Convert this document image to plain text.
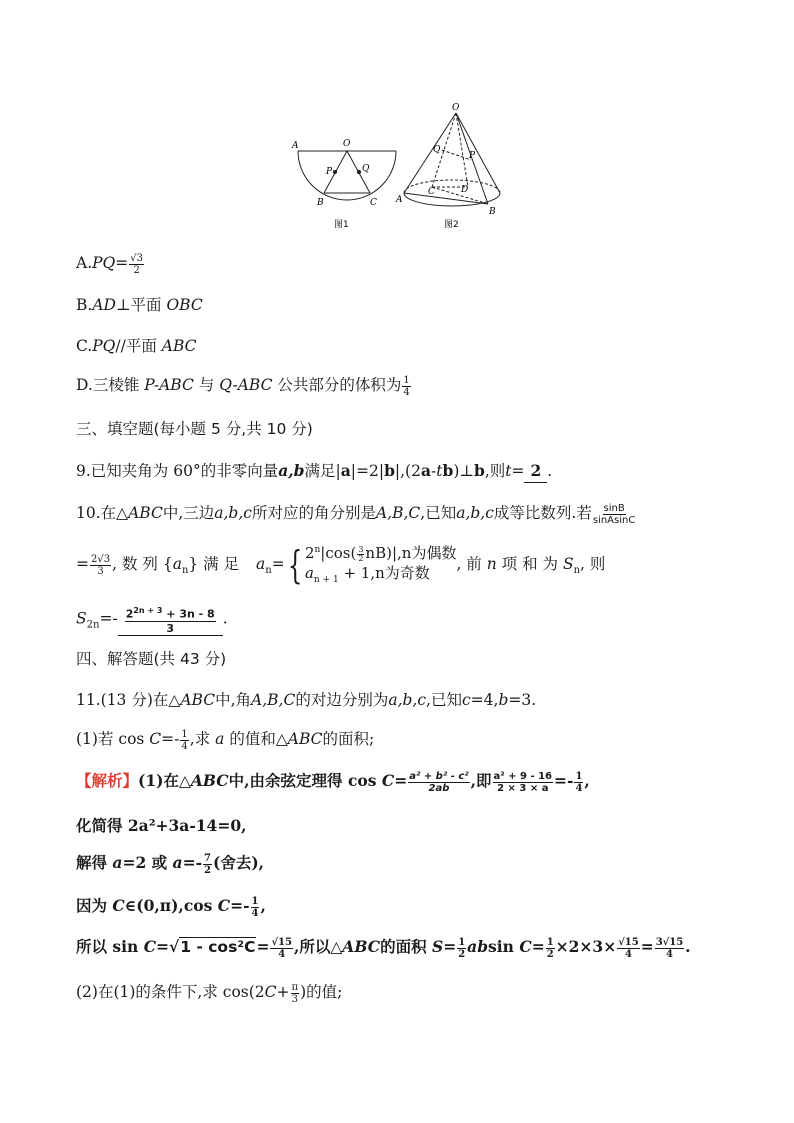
A	O
P	Q
B	C
图1
O
Q
P
C	D
A
B
图2
$A.PQ= \frac{√3}{2}$
B.AD⊥平面 OBC
C.PQ//平面 ABC
D.三棱锥 P-ABC 与 Q-ABC 公共部分的体积为 $\frac{1}{4}$
三、填空题(每小题 5 分,共 10 分)
9.已知夹角为 60°的非零向量a,b满足|a|=2|b|,(2a-tb)⊥b,则t= 2 .
10.在△ABC中,三边a,b,c所对应的角分别是A,B,C,已知a,b,c成等比数列.若 $\frac{\sin B}{\text{sinAsinC}}$
= $\frac{2√3}{3}$ , 数 列 $\{a_n\}$ 满 足 $a_n=$ { $2^n|\cos( \frac{3}{2} nB)|,n$为偶数
$a_{n + 1} + 1,n$为奇数	, 前 n 项 和 为 $S_n$, 则
$S_{2n}=- \frac{2^{2n + 3} + 3n - 8}{3}$ .
四、解答题(共 43 分)
11.(13 分)在△ABC中,角A,B,C的对边分别为a,b,c,已知c=4,b=3.
(1)若 $\cos C=- \frac{1}{4}$ ,求 a 的值和△ABC的面积;
【解析】(1)在△ABC中,由余弦定理得 $\cos C= \frac{\text{a² + b² - c²}}{2ab}$ ,即 $\frac{\text{a² + 9 - 16}}{2 \times 3 \times a} =- \frac{1}{4}$ ,
化简得 2a²+3a-14=0,
解得 a=2 或 $a=- \frac{7}{2}$ (舍去),
因为 C∈(0,π),cos $C=- \frac{1}{4}$ ,
所以 $\sin C=√1 - \cos^2C= \frac{√15}{4}$ ,所以△ABC的面积 $S= \frac{1}{2}$ absin $C= \frac{1}{2} \times 2\times 3\times \frac{√15}{4} = \frac{3√15}{4}$ .
(2)在(1)的条件下,求 $\cos(2C+ \frac{\pi}{3}$ )的值;
